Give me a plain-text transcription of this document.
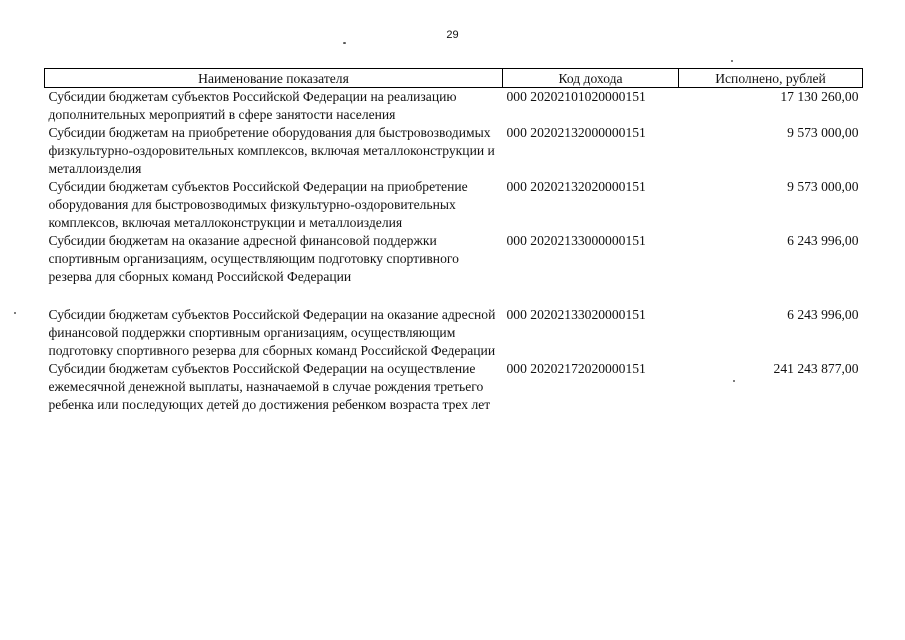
29
Наименование показателя	Код дохода	Исполнено, рублей
Субсидии бюджетам субъектов Российской Федерации на реализацию дополнительных мероприятий в сфере занятости населения	000 20202101020000151	17 130 260,00
Субсидии бюджетам на приобретение оборудования для быстровозводимых физкультурно-оздоровительных комплексов, включая металлоконструкции и металлоизделия	000 20202132000000151	9 573 000,00
Субсидии бюджетам субъектов Российской Федерации на приобретение оборудования для быстровозводимых физкультурно-оздоровительных комплексов, включая металлоконструкции и металлоизделия	000 20202132020000151	9 573 000,00
Субсидии бюджетам на оказание адресной финансовой поддержки спортивным организациям, осуществляющим подготовку спортивного резерва для сборных команд Российской Федерации	000 20202133000000151	6 243 996,00

Субсидии бюджетам субъектов Российской Федерации на оказание адресной финансовой поддержки спортивным организациям, осуществляющим подготовку спортивного резерва для сборных команд Российской Федерации	000 20202133020000151	6 243 996,00
Субсидии бюджетам субъектов Российской Федерации на осуществление ежемесячной денежной выплаты, назначаемой в случае рождения третьего ребенка или последующих детей до достижения ребенком возраста трех лет	000 20202172020000151	241 243 877,00
